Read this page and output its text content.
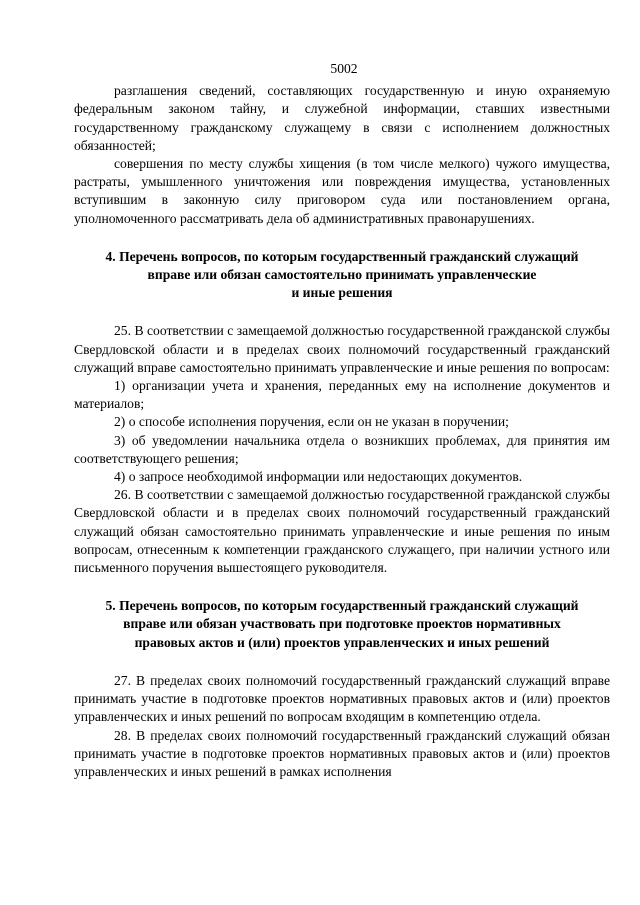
5002

разглашения сведений, составляющих государственную и иную охраняемую федеральным законом тайну, и служебной информации, ставших известными государственному гражданскому служащему в связи с исполнением должностных обязанностей;

совершения по месту службы хищения (в том числе мелкого) чужого имущества, растраты, умышленного уничтожения или повреждения имущества, установленных вступившим в законную силу приговором суда или постановлением органа, уполномоченного рассматривать дела об административных правонарушениях.

4. Перечень вопросов, по которым государственный гражданский служащий
вправе или обязан самостоятельно принимать управленческие
и иные решения

25. В соответствии с замещаемой должностью государственной гражданской службы Свердловской области и в пределах своих полномочий государственный гражданский служащий вправе самостоятельно принимать управленческие и иные решения по вопросам:

1) организации учета и хранения, переданных ему на исполнение документов и материалов;

2) о способе исполнения поручения, если он не указан в поручении;

3) об уведомлении начальника отдела о возникших проблемах, для принятия им соответствующего решения;

4) о запросе необходимой информации или недостающих документов.

26. В соответствии с замещаемой должностью государственной гражданской службы Свердловской области и в пределах своих полномочий государственный гражданский служащий обязан самостоятельно принимать управленческие и иные решения по иным вопросам, отнесенным к компетенции гражданского служащего, при наличии устного или письменного поручения вышестоящего руководителя.

5. Перечень вопросов, по которым государственный гражданский служащий
вправе или обязан участвовать при подготовке проектов нормативных
правовых актов и (или) проектов управленческих и иных решений

27. В пределах своих полномочий государственный гражданский служащий вправе принимать участие в подготовке проектов нормативных правовых актов и (или) проектов управленческих и иных решений по вопросам входящим в компетенцию отдела.

28. В пределах своих полномочий государственный гражданский служащий обязан принимать участие в подготовке проектов нормативных правовых актов и (или) проектов управленческих и иных решений в рамках исполнения
